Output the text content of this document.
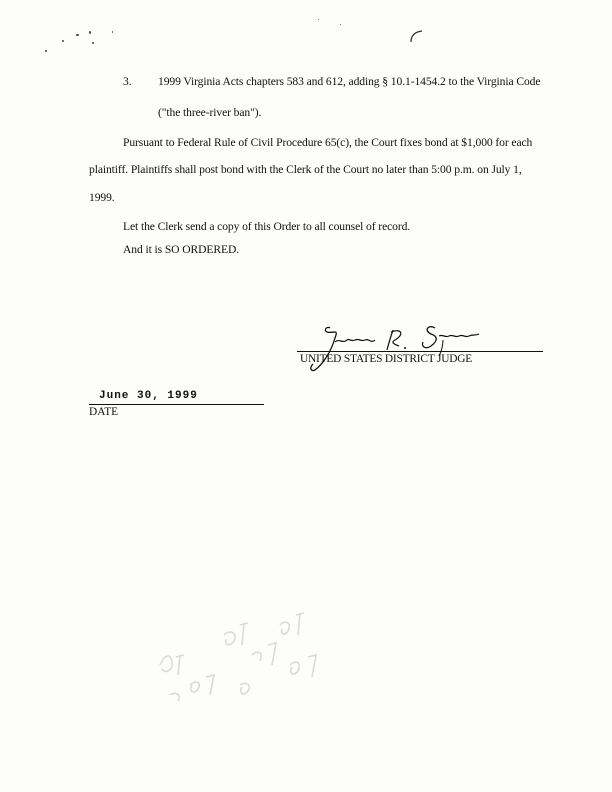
3. 1999 Virginia Acts chapters 583 and 612, adding § 10.1-1454.2 to the Virginia Code
("the three-river ban").
Pursuant to Federal Rule of Civil Procedure 65(c), the Court fixes bond at $1,000 for each
plaintiff. Plaintiffs shall post bond with the Clerk of the Court no later than 5:00 p.m. on July 1,
1999.
Let the Clerk send a copy of this Order to all counsel of record.
And it is SO ORDERED.
UNITED STATES DISTRICT JUDGE
June 30, 1999
DATE
